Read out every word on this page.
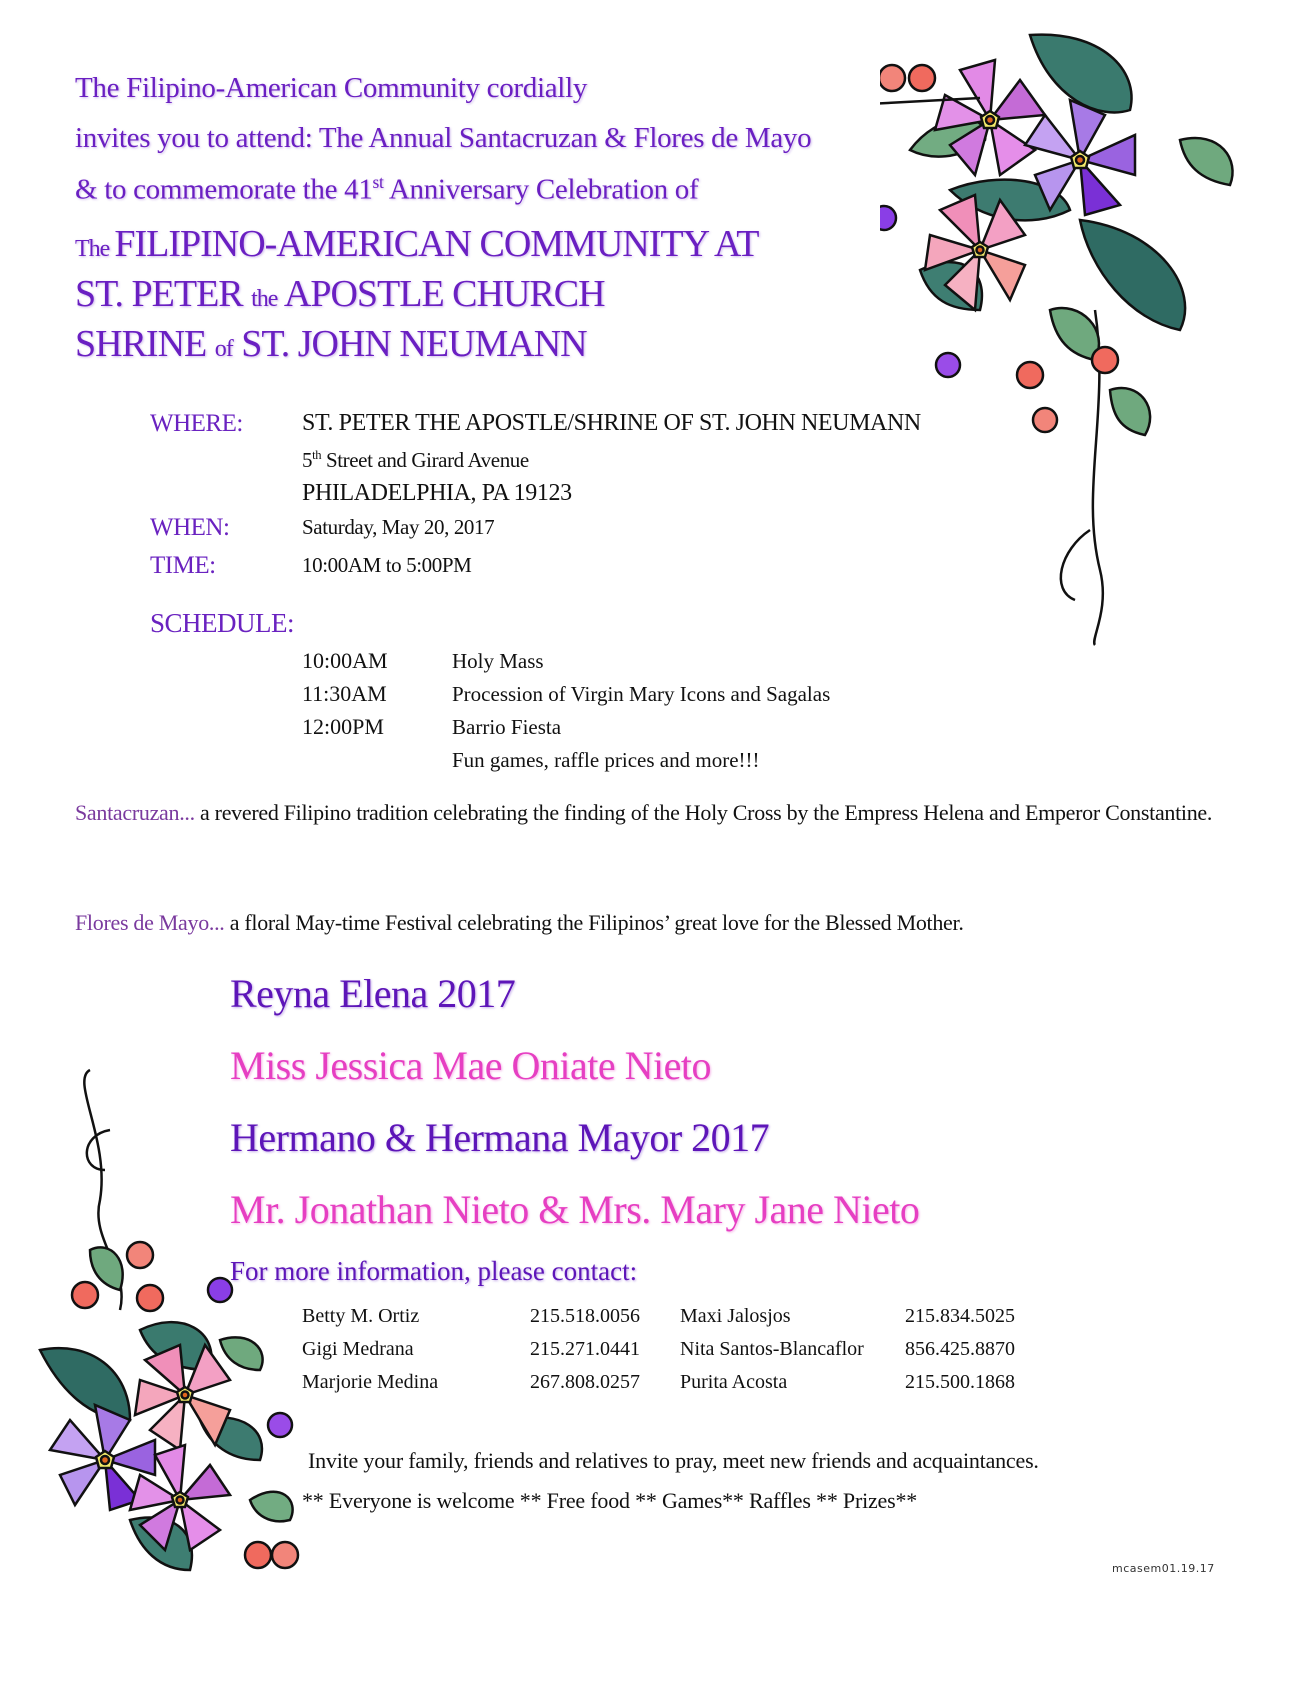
The Filipino-American Community cordially
invites you to attend: The Annual Santacruzan & Flores de Mayo
& to commemorate the 41st Anniversary Celebration of
The FILIPINO-AMERICAN COMMUNITY AT
ST. PETER the APOSTLE CHURCH
SHRINE of ST. JOHN NEUMANN
WHERE: ST. PETER THE APOSTLE/SHRINE OF ST. JOHN NEUMANN
5th Street and Girard Avenue
PHILADELPHIA, PA 19123
WHEN:	Saturday, May 20, 2017
TIME:	10:00AM to 5:00PM
SCHEDULE:
10:00AM	Holy Mass
11:30AM	Procession of Virgin Mary Icons and Sagalas
12:00PM	Barrio Fiesta
Fun games, raffle prices and more!!!
Santacruzan... a revered Filipino tradition celebrating the finding of the Holy Cross by the Empress Helena and Emperor Constantine.
Flores de Mayo... a floral May-time Festival celebrating the Filipinos’ great love for the Blessed Mother.
Reyna Elena 2017
Miss Jessica Mae Oniate Nieto
Hermano & Hermana Mayor 2017
Mr. Jonathan Nieto & Mrs. Mary Jane Nieto
For more information, please contact:
Betty M. Ortiz	215.518.0056 Maxi Jalosjos	215.834.5025
Gigi Medrana	215.271.0441 Nita Santos-Blancaflor 856.425.8870
Marjorie Medina	267.808.0257 Purita Acosta	215.500.1868
Invite your family, friends and relatives to pray, meet new friends and acquaintances.
** Everyone is welcome ** Free food ** Games** Raffles ** Prizes**
mcasem01.19.17
